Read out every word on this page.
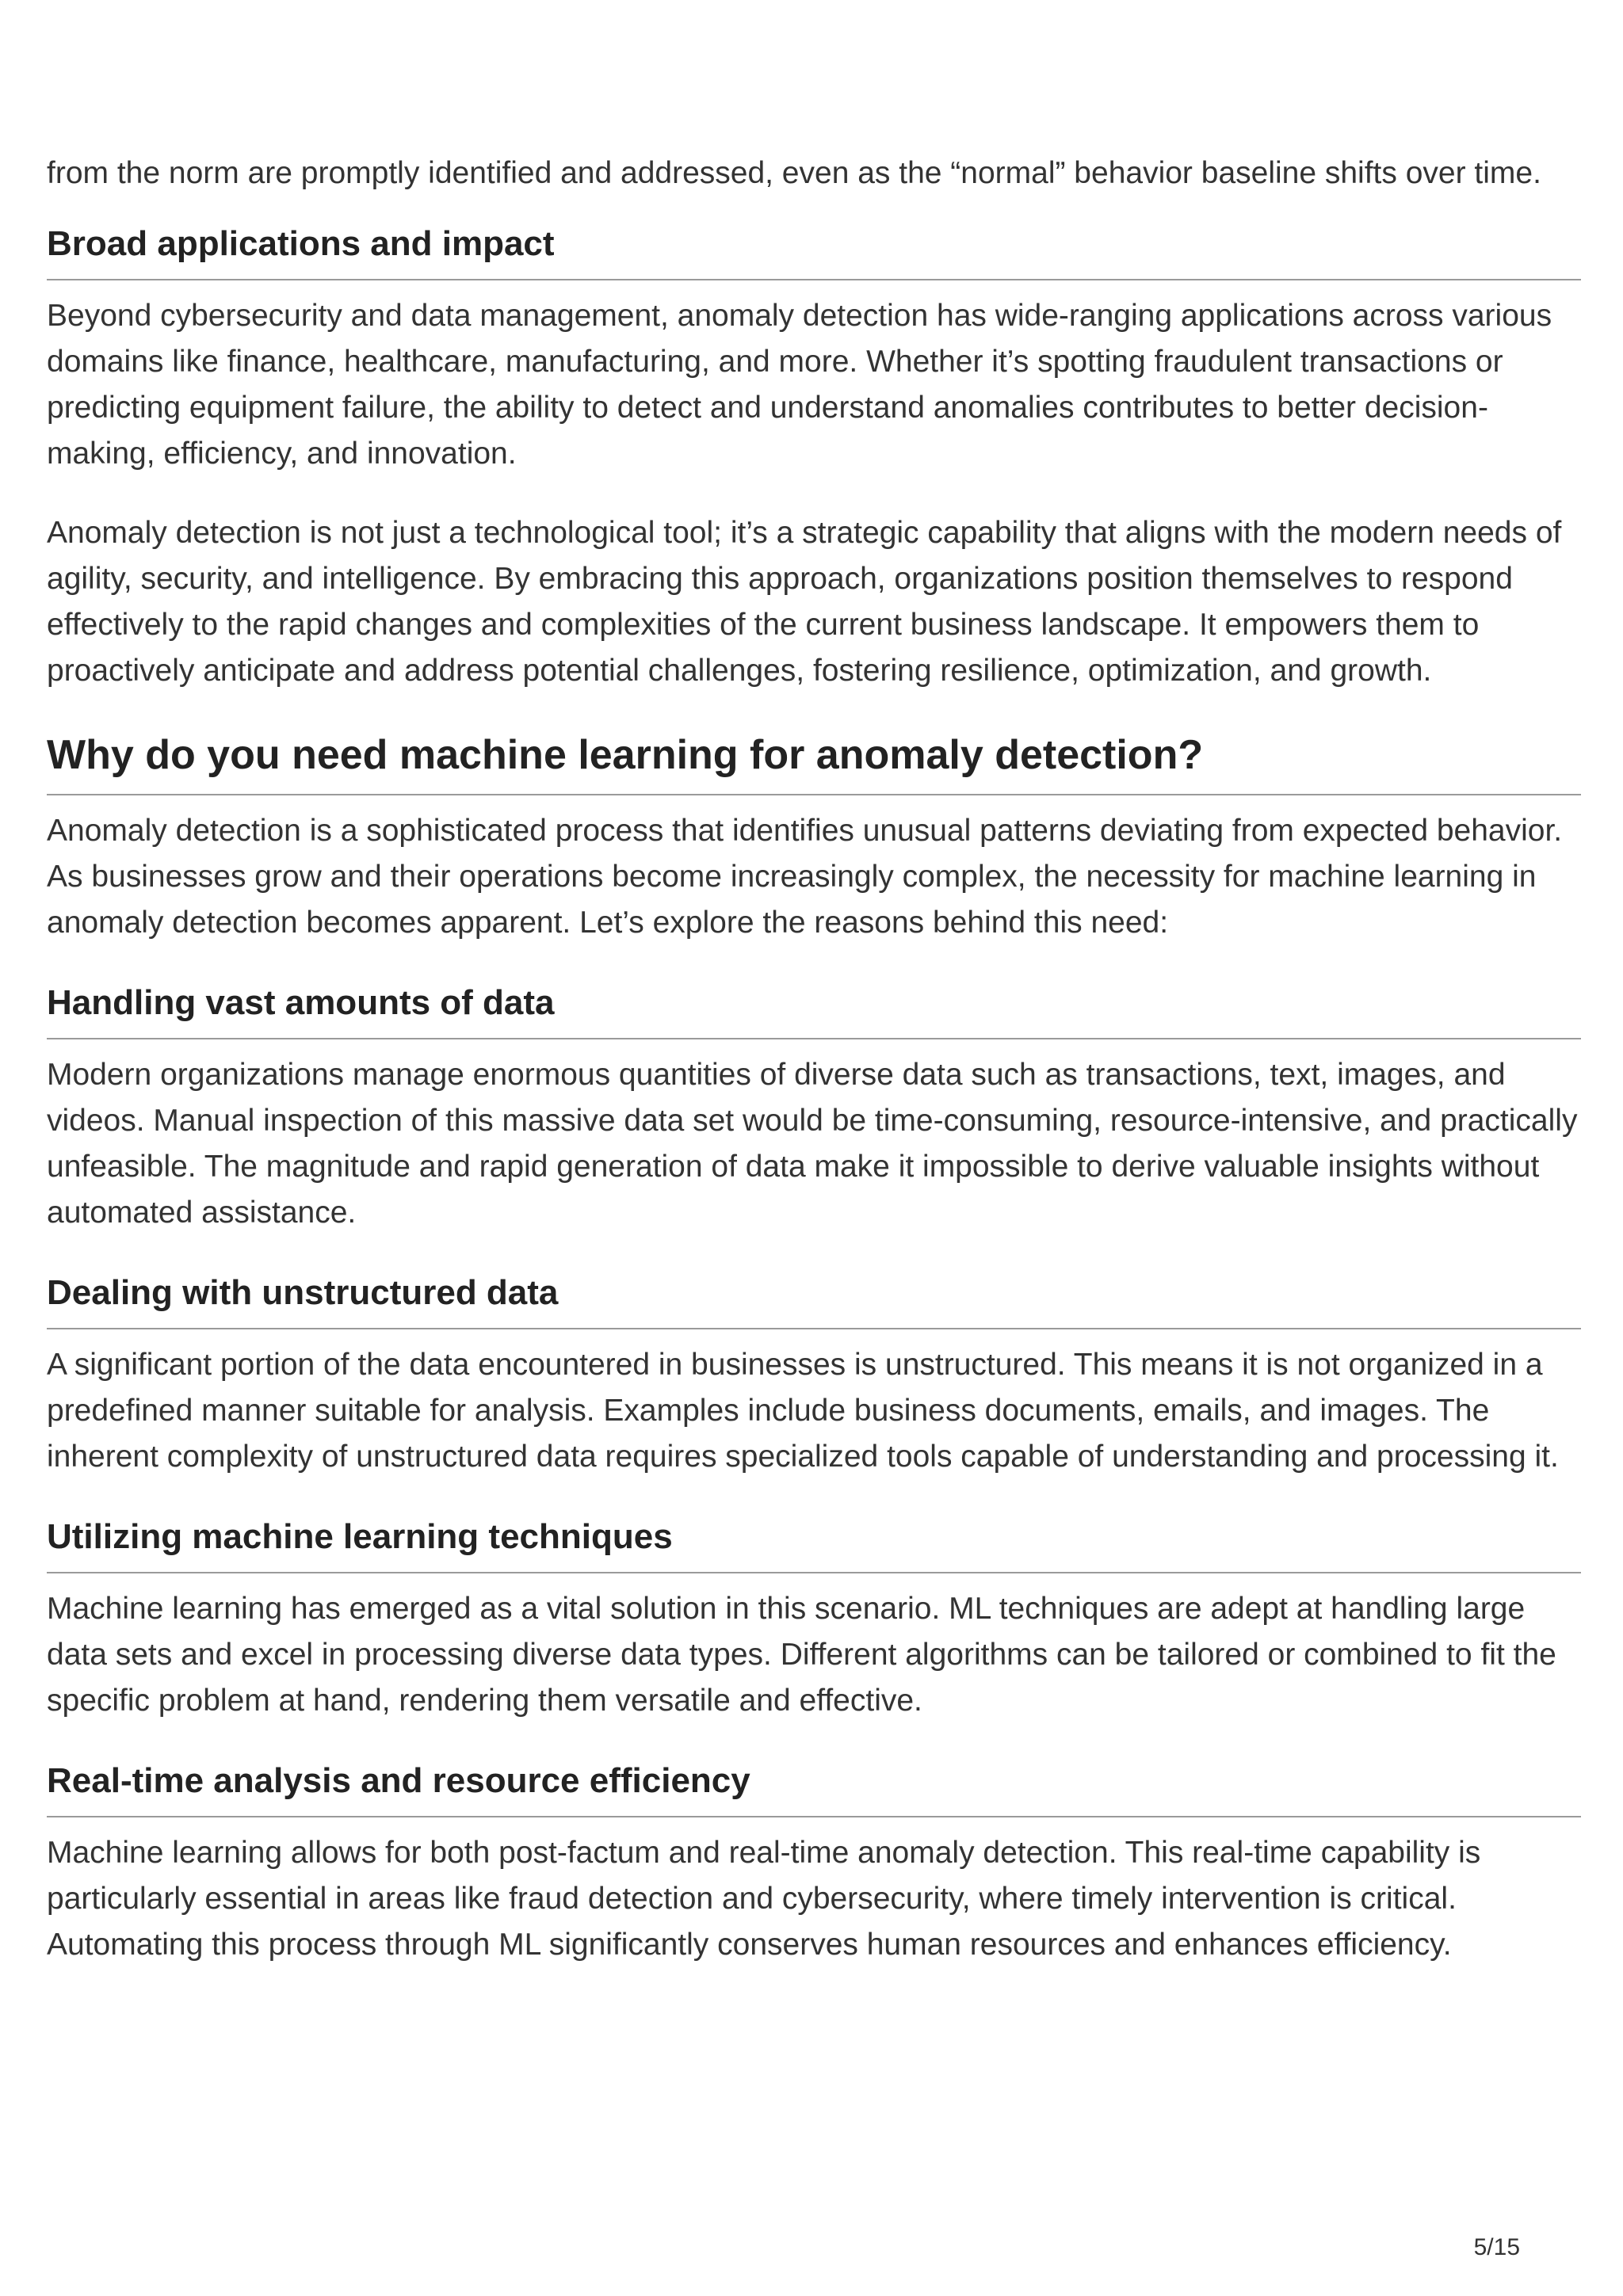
from the norm are promptly identified and addressed, even as the “normal” behavior baseline shifts over time.

Broad applications and impact

Beyond cybersecurity and data management, anomaly detection has wide-ranging applications across various domains like finance, healthcare, manufacturing, and more. Whether it’s spotting fraudulent transactions or predicting equipment failure, the ability to detect and understand anomalies contributes to better decision-making, efficiency, and innovation.

Anomaly detection is not just a technological tool; it’s a strategic capability that aligns with the modern needs of agility, security, and intelligence. By embracing this approach, organizations position themselves to respond effectively to the rapid changes and complexities of the current business landscape. It empowers them to proactively anticipate and address potential challenges, fostering resilience, optimization, and growth.

Why do you need machine learning for anomaly detection?

Anomaly detection is a sophisticated process that identifies unusual patterns deviating from expected behavior. As businesses grow and their operations become increasingly complex, the necessity for machine learning in anomaly detection becomes apparent. Let’s explore the reasons behind this need:

Handling vast amounts of data

Modern organizations manage enormous quantities of diverse data such as transactions, text, images, and videos. Manual inspection of this massive data set would be time-consuming, resource-intensive, and practically unfeasible. The magnitude and rapid generation of data make it impossible to derive valuable insights without automated assistance.

Dealing with unstructured data

A significant portion of the data encountered in businesses is unstructured. This means it is not organized in a predefined manner suitable for analysis. Examples include business documents, emails, and images. The inherent complexity of unstructured data requires specialized tools capable of understanding and processing it.

Utilizing machine learning techniques

Machine learning has emerged as a vital solution in this scenario. ML techniques are adept at handling large data sets and excel in processing diverse data types. Different algorithms can be tailored or combined to fit the specific problem at hand, rendering them versatile and effective.

Real-time analysis and resource efficiency

Machine learning allows for both post-factum and real-time anomaly detection. This real-time capability is particularly essential in areas like fraud detection and cybersecurity, where timely intervention is critical. Automating this process through ML significantly conserves human resources and enhances efficiency.

5/15
